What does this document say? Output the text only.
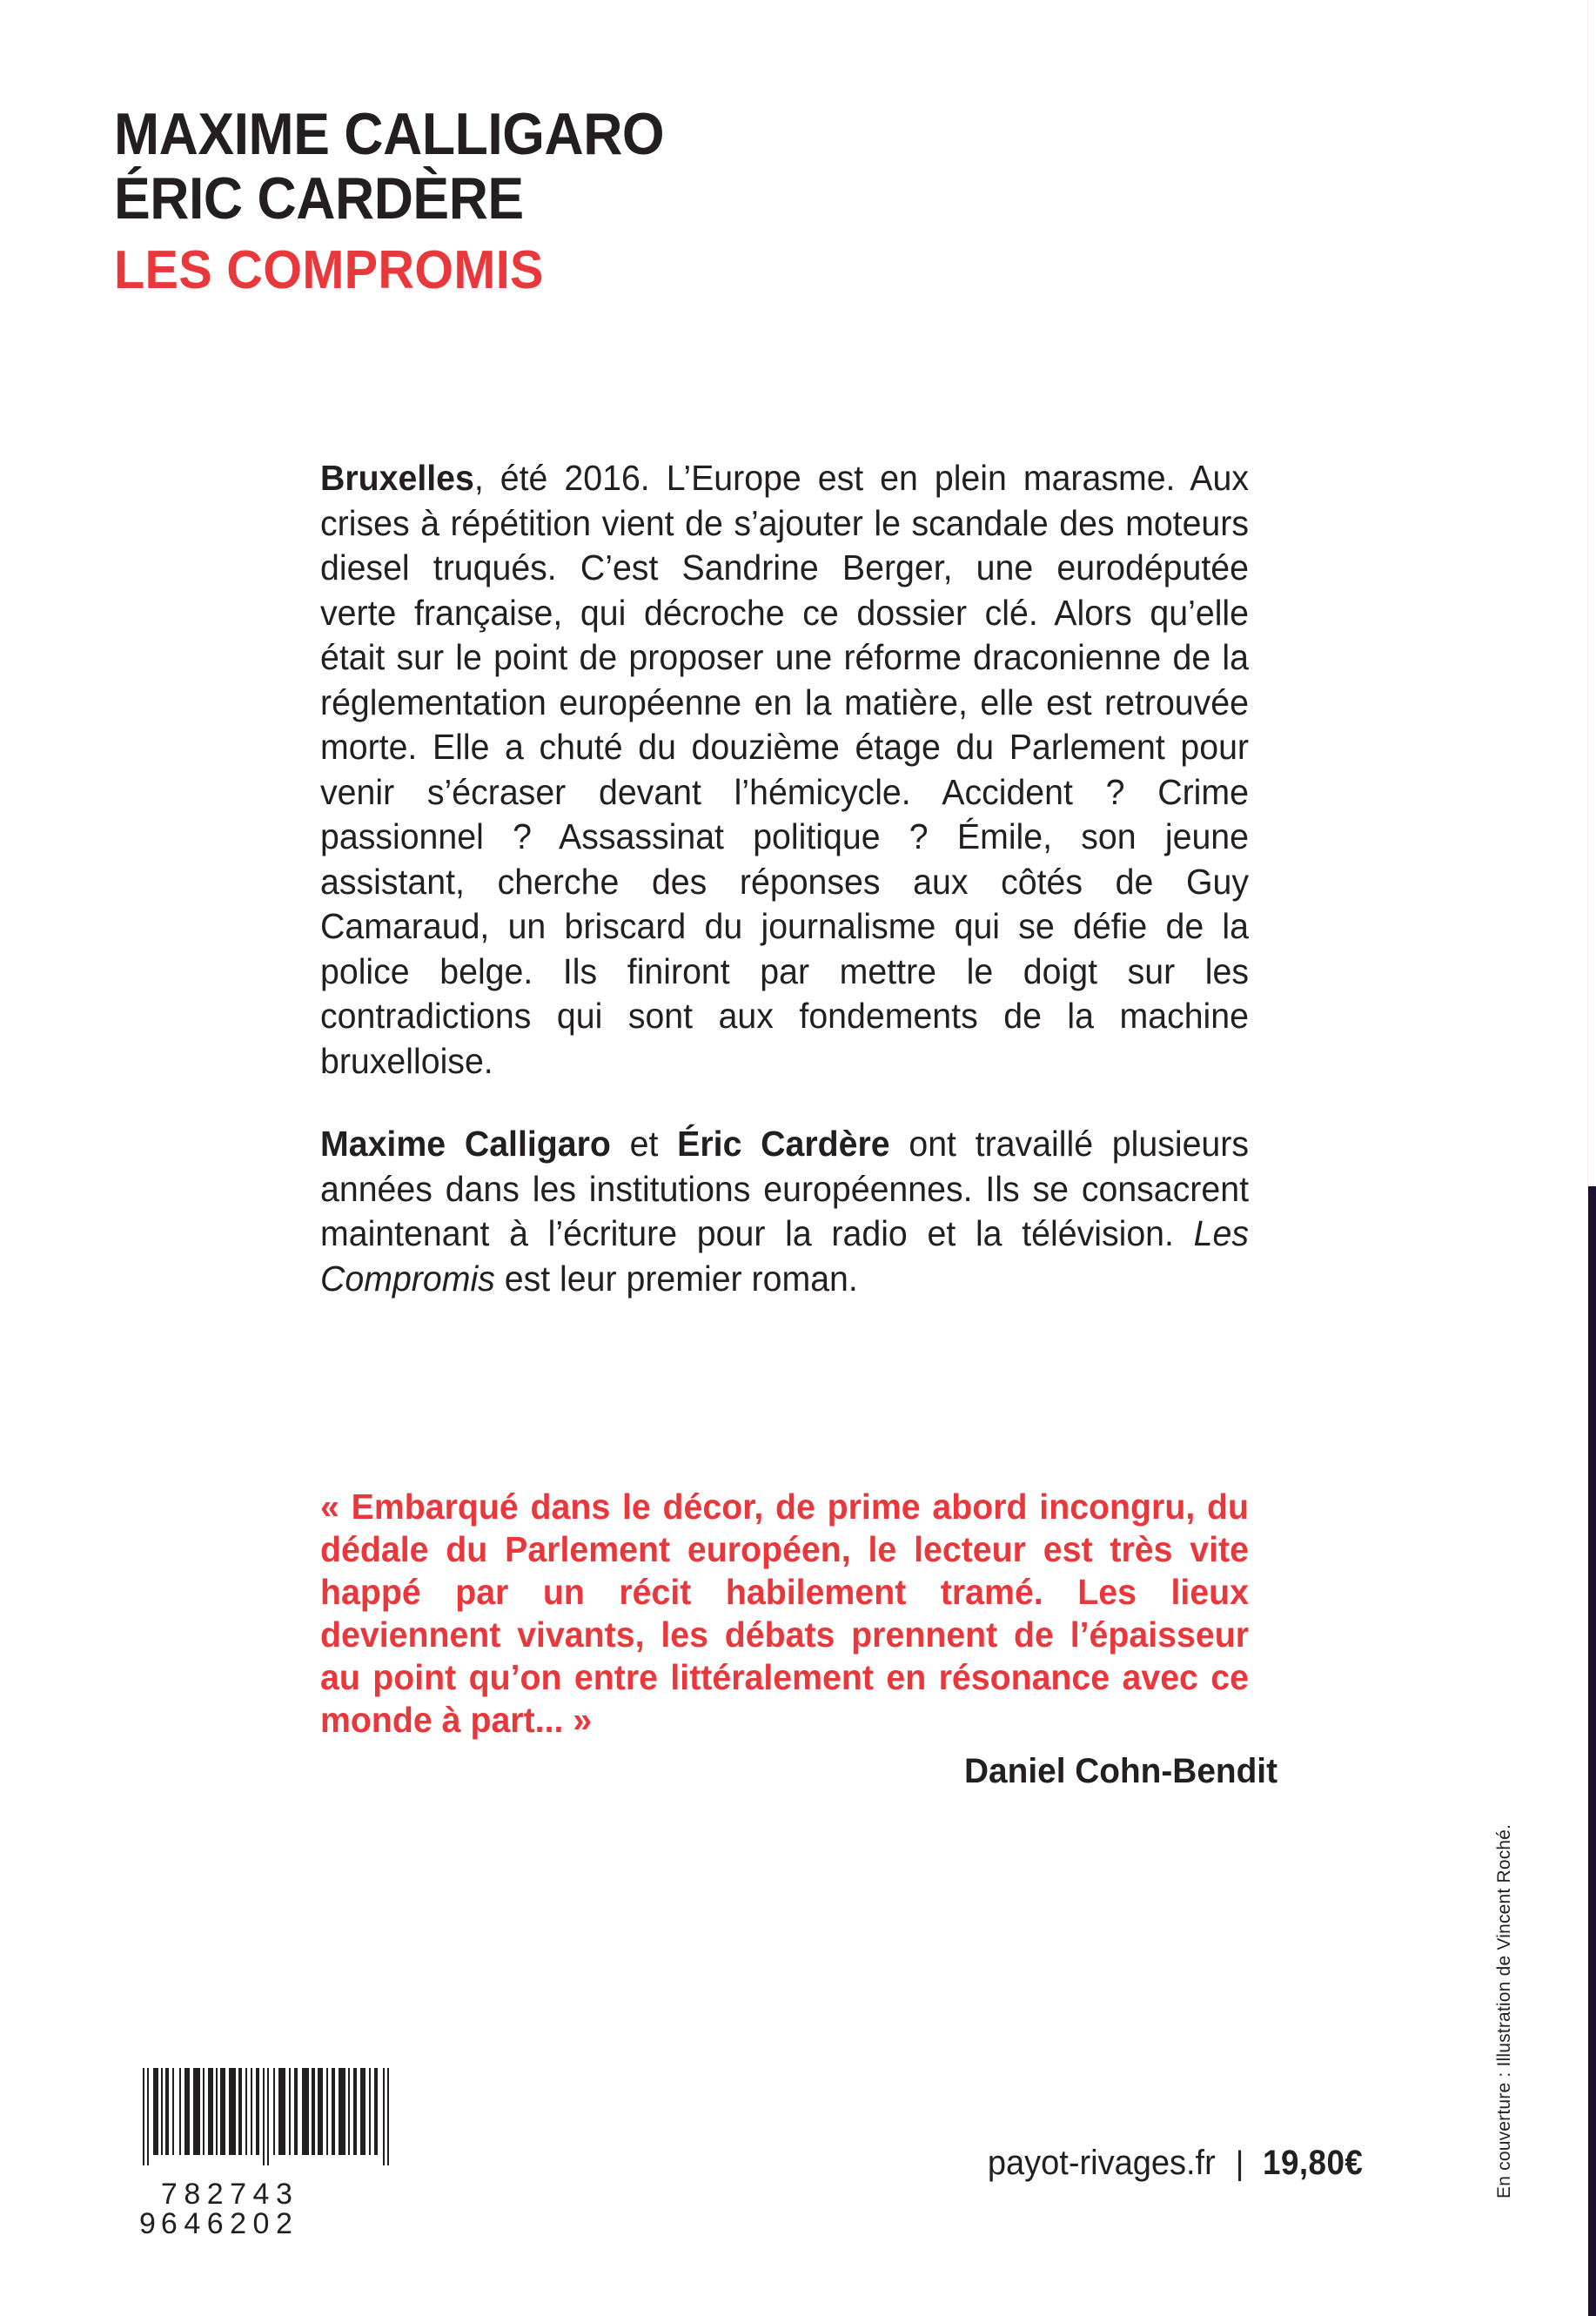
MAXIME CALLIGARO
ÉRIC CARDÈRE
LES COMPROMIS

Bruxelles, été 2016. L’Europe est en plein marasme. Aux crises à répétition vient de s’ajouter le scandale des moteurs diesel truqués. C’est Sandrine Berger, une eurodéputée verte française, qui décroche ce dossier clé. Alors qu’elle était sur le point de proposer une réforme draconienne de la réglementation européenne en la matière, elle est retrouvée morte. Elle a chuté du douzième étage du Parlement pour venir s’écraser devant l’hémicycle. Accident ? Crime passionnel ? Assassinat politique ? Émile, son jeune assistant, cherche des réponses aux côtés de Guy Camaraud, un briscard du journalisme qui se défie de la police belge. Ils finiront par mettre le doigt sur les contradictions qui sont aux fondements de la machine bruxelloise.

Maxime Calligaro et Éric Cardère ont travaillé plusieurs années dans les institutions européennes. Ils se consacrent maintenant à l’écriture pour la radio et la télévision. Les Compromis est leur premier roman.

« Embarqué dans le décor, de prime abord incongru, du dédale du Parlement européen, le lecteur est très vite happé par un récit habilement tramé. Les lieux deviennent vivants, les débats prennent de l’épaisseur au point qu’on entre littéralement en résonance avec ce monde à part... »

Daniel Cohn-Bendit

En couverture : Illustration de Vincent Roché.
9
782743 646202
payot-rivages.fr | 19,80€
